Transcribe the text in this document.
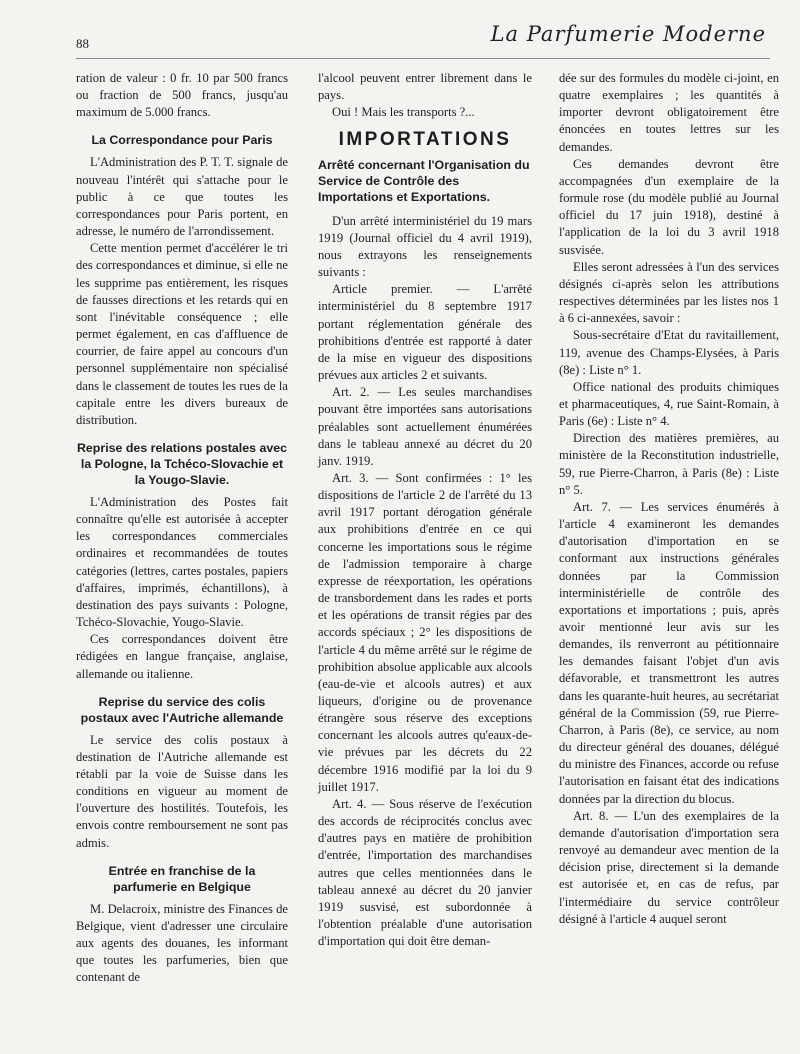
88	La Parfumerie Moderne

ration de valeur : 0 fr. 10 par 500 francs ou fraction de 500 francs, jusqu'au maximum de 5.000 francs.

La Correspondance pour Paris

L'Administration des P. T. T. signale de nouveau l'intérêt qui s'attache pour le public à ce que toutes les correspondances pour Paris portent, en adresse, le numéro de l'arrondissement.

Cette mention permet d'accélérer le tri des correspondances et diminue, si elle ne les supprime pas entièrement, les risques de fausses directions et les retards qui en sont l'inévitable conséquence ; elle permet également, en cas d'affluence de courrier, de faire appel au concours d'un personnel supplémentaire non spécialisé dans le classement de toutes les rues de la capitale entre les divers bureaux de distribution.

Reprise des relations postales avec la Pologne, la Tchéco-Slovachie et la Yougo-Slavie.

L'Administration des Postes fait connaître qu'elle est autorisée à accepter les correspondances commerciales ordinaires et recommandées de toutes catégories (lettres, cartes postales, papiers d'affaires, imprimés, échantillons), à destination des pays suivants : Pologne, Tchéco-Slovachie, Yougo-Slavie.

Ces correspondances doivent être rédigées en langue française, anglaise, allemande ou italienne.

Reprise du service des colis postaux avec l'Autriche allemande

Le service des colis postaux à destination de l'Autriche allemande est rétabli par la voie de Suisse dans les conditions en vigueur au moment de l'ouverture des hostilités. Toutefois, les envois contre remboursement ne sont pas admis.

Entrée en franchise de la parfumerie en Belgique

M. Delacroix, ministre des Finances de Belgique, vient d'adresser une circulaire aux agents des douanes, les informant que toutes les parfumeries, bien que contenant de

l'alcool peuvent entrer librement dans le pays.

Oui ! Mais les transports ?...

IMPORTATIONS
Arrêté concernant l'Organisation du Service de Contrôle des Importations et Exportations.

D'un arrêté interministériel du 19 mars 1919 (Journal officiel du 4 avril 1919), nous extrayons les renseignements suivants :

Article premier. — L'arrêté interministériel du 8 septembre 1917 portant réglementation générale des prohibitions d'entrée est rapporté à dater de la mise en vigueur des dispositions prévues aux articles 2 et suivants.

Art. 2. — Les seules marchandises pouvant être importées sans autorisations préalables sont actuellement énumérées dans le tableau annexé au décret du 20 janv. 1919.

Art. 3. — Sont confirmées : 1° les dispositions de l'article 2 de l'arrêté du 13 avril 1917 portant dérogation générale aux prohibitions d'entrée en ce qui concerne les importations sous le régime de l'admission temporaire à charge expresse de réexportation, les opérations de transbordement dans les rades et ports et les opérations de transit régies par des accords spéciaux ; 2° les dispositions de l'article 4 du même arrêté sur le régime de prohibition absolue applicable aux alcools (eau-de-vie et alcools autres) et aux liqueurs, d'origine ou de provenance étrangère sous réserve des exceptions concernant les alcools autres qu'eaux-de-vie prévues par les décrets du 22 décembre 1916 modifié par la loi du 9 juillet 1917.

Art. 4. — Sous réserve de l'exécution des accords de réciprocités conclus avec d'autres pays en matière de prohibition d'entrée, l'importation des marchandises autres que celles mentionnées dans le tableau annexé au décret du 20 janvier 1919 susvisé, est subordonnée à l'obtention préalable d'une autorisation d'importation qui doit être deman-

dée sur des formules du modèle ci-joint, en quatre exemplaires ; les quantités à importer devront obligatoirement être énoncées en toutes lettres sur les demandes.

Ces demandes devront être accompagnées d'un exemplaire de la formule rose (du modèle publié au Journal officiel du 17 juin 1918), destiné à l'application de la loi du 3 avril 1918 susvisée.

Elles seront adressées à l'un des services désignés ci-après selon les attributions respectives déterminées par les listes nos 1 à 6 ci-annexées, savoir :

Sous-secrétaire d'Etat du ravitaillement, 119, avenue des Champs-Elysées, à Paris (8e) : Liste n° 1.

Office national des produits chimiques et pharmaceutiques, 4, rue Saint-Romain, à Paris (6e) : Liste n° 4.

Direction des matières premières, au ministère de la Reconstitution industrielle, 59, rue Pierre-Charron, à Paris (8e) : Liste n° 5.

Art. 7. — Les services énumérés à l'article 4 examineront les demandes d'autorisation d'importation en se conformant aux instructions générales données par la Commission interministérielle de contrôle des exportations et importations ; puis, après avoir mentionné leur avis sur les demandes, ils renverront au pétitionnaire les demandes faisant l'objet d'un avis défavorable, et transmettront les autres dans les quarante-huit heures, au secrétariat général de la Commission (59, rue Pierre-Charron, à Paris (8e), ce service, au nom du directeur général des douanes, délégué du ministre des Finances, accorde ou refuse l'autorisation en faisant état des indications données par la direction du blocus.

Art. 8. — L'un des exemplaires de la demande d'autorisation d'importation sera renvoyé au demandeur avec mention de la décision prise, directement si la demande est autorisée et, en cas de refus, par l'intermédiaire du service contrôleur désigné à l'article 4 auquel seront
